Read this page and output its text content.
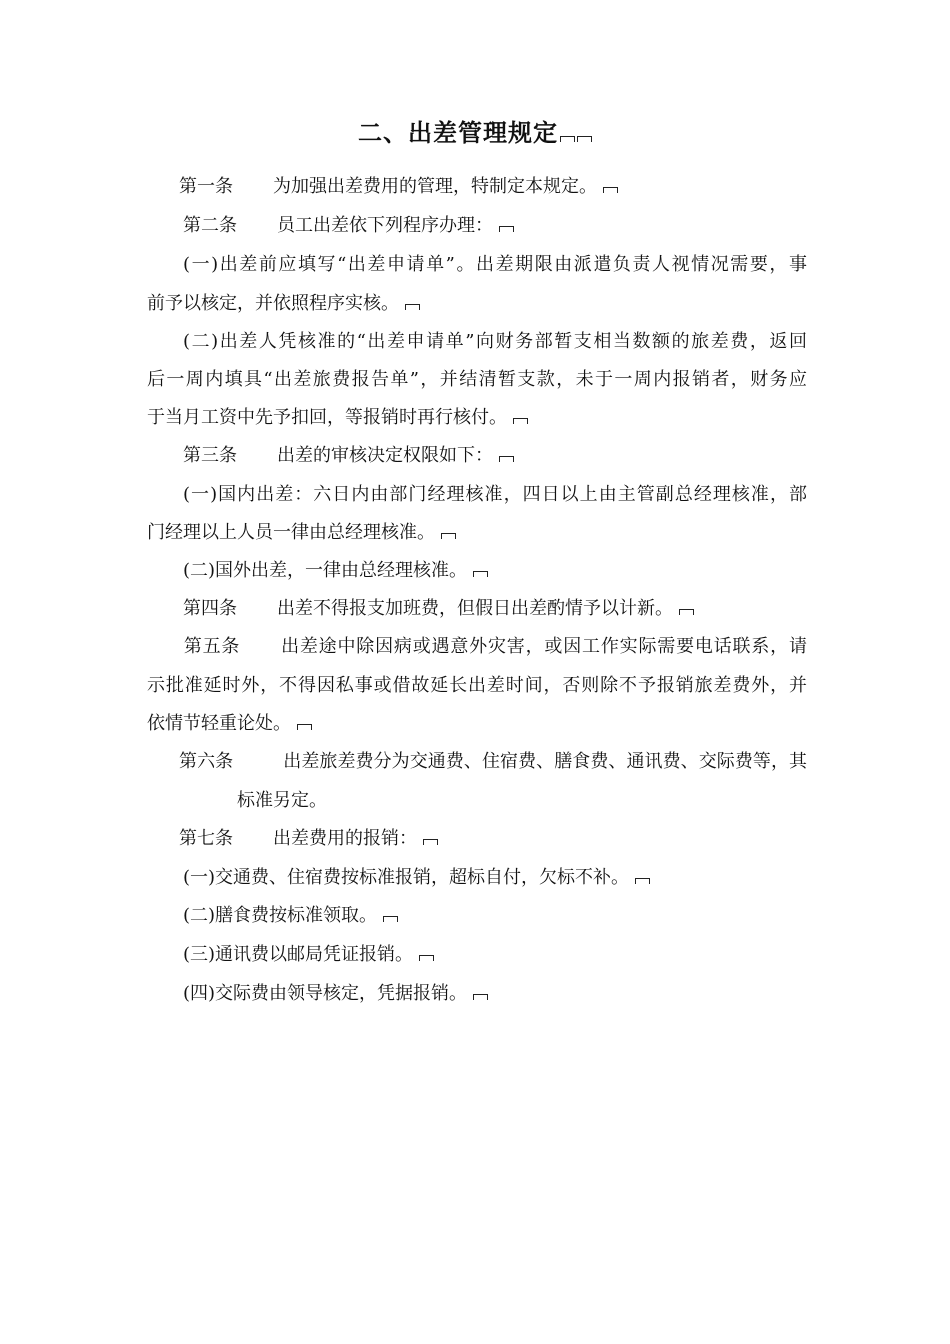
二、出差管理规定
第一条 为加强出差费用的管理，特制定本规定。
第二条 员工出差依下列程序办理：
(一)出差前应填写“出差申请单”。出差期限由派遣负责人视情况需要，事
前予以核定，并依照程序实核。
(二)出差人凭核准的“出差申请单”向财务部暂支相当数额的旅差费，返回
后一周内填具“出差旅费报告单”，并结清暂支款，未于一周内报销者，财务应
于当月工资中先予扣回，等报销时再行核付。
第三条 出差的审核决定权限如下：
(一)国内出差：六日内由部门经理核准，四日以上由主管副总经理核准，部
门经理以上人员一律由总经理核准。
(二)国外出差，一律由总经理核准。
第四条 出差不得报支加班费，但假日出差酌情予以计新。
第五条 出差途中除因病或遇意外灾害，或因工作实际需要电话联系，请
示批准延时外，不得因私事或借故延长出差时间，否则除不予报销旅差费外，并
依情节轻重论处。
第六条	出差旅差费分为交通费、住宿费、膳食费、通讯费、交际费等，其
标准另定。
第七条 出差费用的报销：
(一)交通费、住宿费按标准报销，超标自付，欠标不补。
(二)膳食费按标准领取。
(三)通讯费以邮局凭证报销。
(四)交际费由领导核定，凭据报销。
